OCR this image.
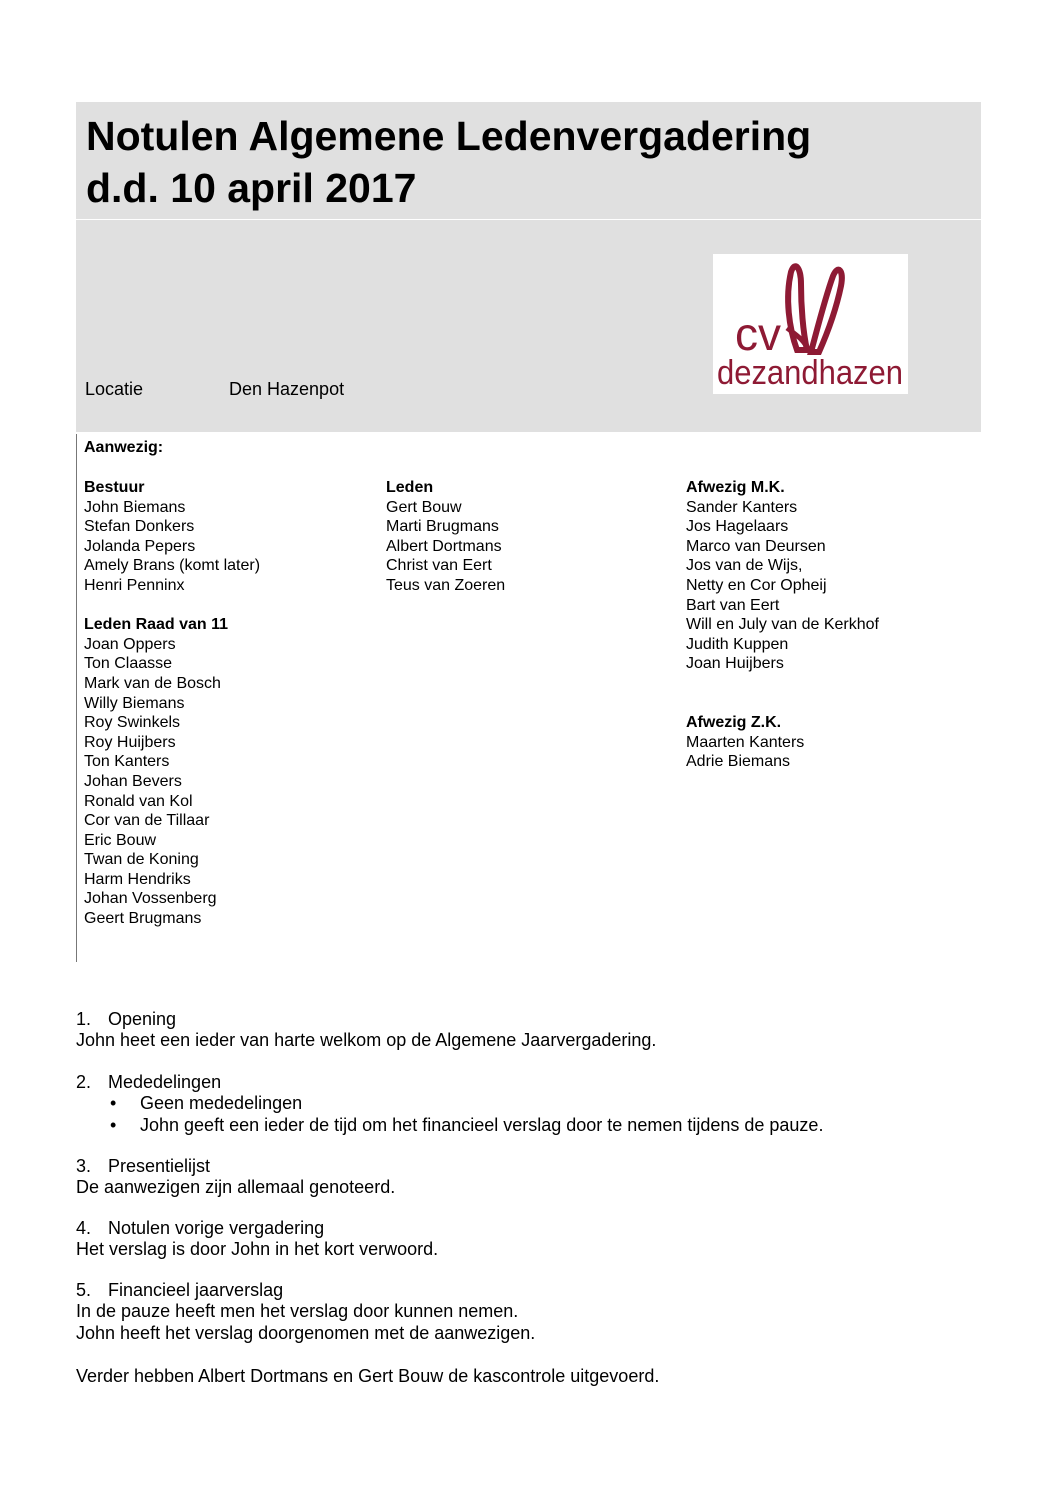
Notulen Algemene Ledenvergadering
d.d. 10 april 2017
Locatie	Den Hazenpot
cv
dezandhazen

Aanwezig:

Bestuur
John Biemans
Stefan Donkers
Jolanda Pepers
Amely Brans (komt later)
Henri Penninx
Leden Raad van 11
Joan Oppers
Ton Claasse
Mark van de Bosch
Willy Biemans
Roy Swinkels
Roy Huijbers
Ton Kanters
Johan Bevers
Ronald van Kol
Cor van de Tillaar
Eric Bouw
Twan de Koning
Harm Hendriks
Johan Vossenberg
Geert Brugmans
Leden
Gert Bouw
Marti Brugmans
Albert Dortmans
Christ van Eert
Teus van Zoeren
Afwezig M.K.
Sander Kanters
Jos Hagelaars
Marco van Deursen
Jos van de Wijs,
Netty en Cor Opheij
Bart van Eert
Will en July van de Kerkhof
Judith Kuppen
Joan Huijbers
Afwezig Z.K.
Maarten Kanters
Adrie Biemans
1. Opening
John heet een ieder van harte welkom op de Algemene Jaarvergadering.
2. Mededelingen
• Geen mededelingen
• John geeft een ieder de tijd om het financieel verslag door te nemen tijdens de pauze.
3. Presentielijst
De aanwezigen zijn allemaal genoteerd.
4. Notulen vorige vergadering
Het verslag is door John in het kort verwoord.
5. Financieel jaarverslag
In de pauze heeft men het verslag door kunnen nemen.
John heeft het verslag doorgenomen met de aanwezigen.
Verder hebben Albert Dortmans en Gert Bouw de kascontrole uitgevoerd.
